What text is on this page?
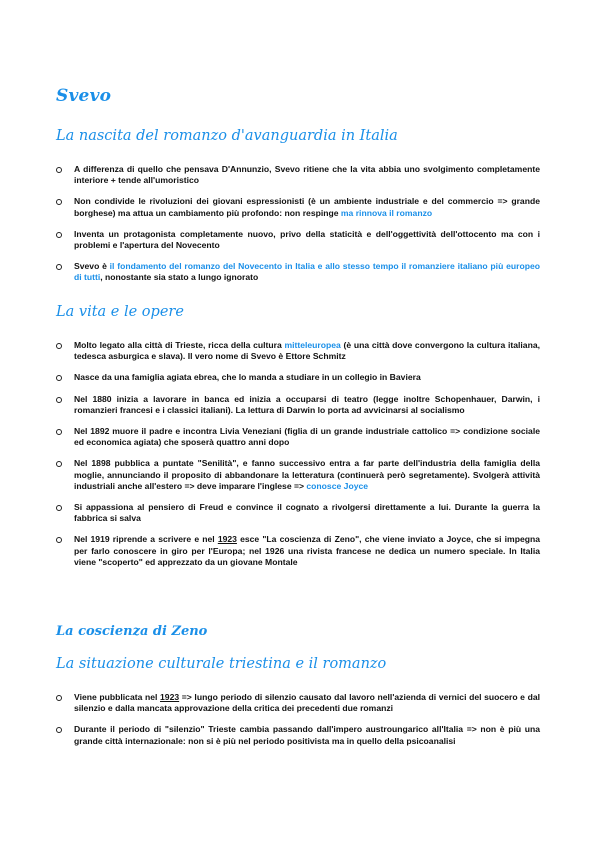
Svevo
La nascita del romanzo d'avanguardia in Italia
A differenza di quello che pensava D'Annunzio, Svevo ritiene che la vita abbia uno svolgimento completamente interiore + tende all'umoristico
Non condivide le rivoluzioni dei giovani espressionisti (è un ambiente industriale e del commercio => grande borghese) ma attua un cambiamento più profondo: non respinge ma rinnova il romanzo
Inventa un protagonista completamente nuovo, privo della staticità e dell'oggettività dell'ottocento ma con i problemi e l'apertura del Novecento
Svevo è il fondamento del romanzo del Novecento in Italia e allo stesso tempo il romanziere italiano più europeo di tutti, nonostante sia stato a lungo ignorato
La vita e le opere
Molto legato alla città di Trieste, ricca della cultura mitteleuropea (è una città dove convergono la cultura italiana, tedesca asburgica e slava). Il vero nome di Svevo è Ettore Schmitz
Nasce da una famiglia agiata ebrea, che lo manda a studiare in un collegio in Baviera
Nel 1880 inizia a lavorare in banca ed inizia a occuparsi di teatro (legge inoltre Schopenhauer, Darwin, i romanzieri francesi e i classici italiani). La lettura di Darwin lo porta ad avvicinarsi al socialismo
Nel 1892 muore il padre e incontra Livia Veneziani (figlia di un grande industriale cattolico => condizione sociale ed economica agiata) che sposerà quattro anni dopo
Nel 1898 pubblica a puntate "Senilità", e fanno successivo entra a far parte dell'industria della famiglia della moglie, annunciando il proposito di abbandonare la letteratura (continuerà però segretamente). Svolgerà attività industriali anche all'estero => deve imparare l'inglese => conosce Joyce
Si appassiona al pensiero di Freud e convince il cognato a rivolgersi direttamente a lui. Durante la guerra la fabbrica si salva
Nel 1919 riprende a scrivere e nel 1923 esce "La coscienza di Zeno", che viene inviato a Joyce, che si impegna per farlo conoscere in giro per l'Europa; nel 1926 una rivista francese ne dedica un numero speciale. In Italia viene "scoperto" ed apprezzato da un giovane Montale
La coscienza di Zeno
La situazione culturale triestina e il romanzo
Viene pubblicata nel 1923 => lungo periodo di silenzio causato dal lavoro nell'azienda di vernici del suocero e dal silenzio e dalla mancata approvazione della critica dei precedenti due romanzi
Durante il periodo di "silenzio" Trieste cambia passando dall'impero austroungarico all'Italia => non è più una grande città internazionale: non si è più nel periodo positivista ma in quello della psicoanalisi
